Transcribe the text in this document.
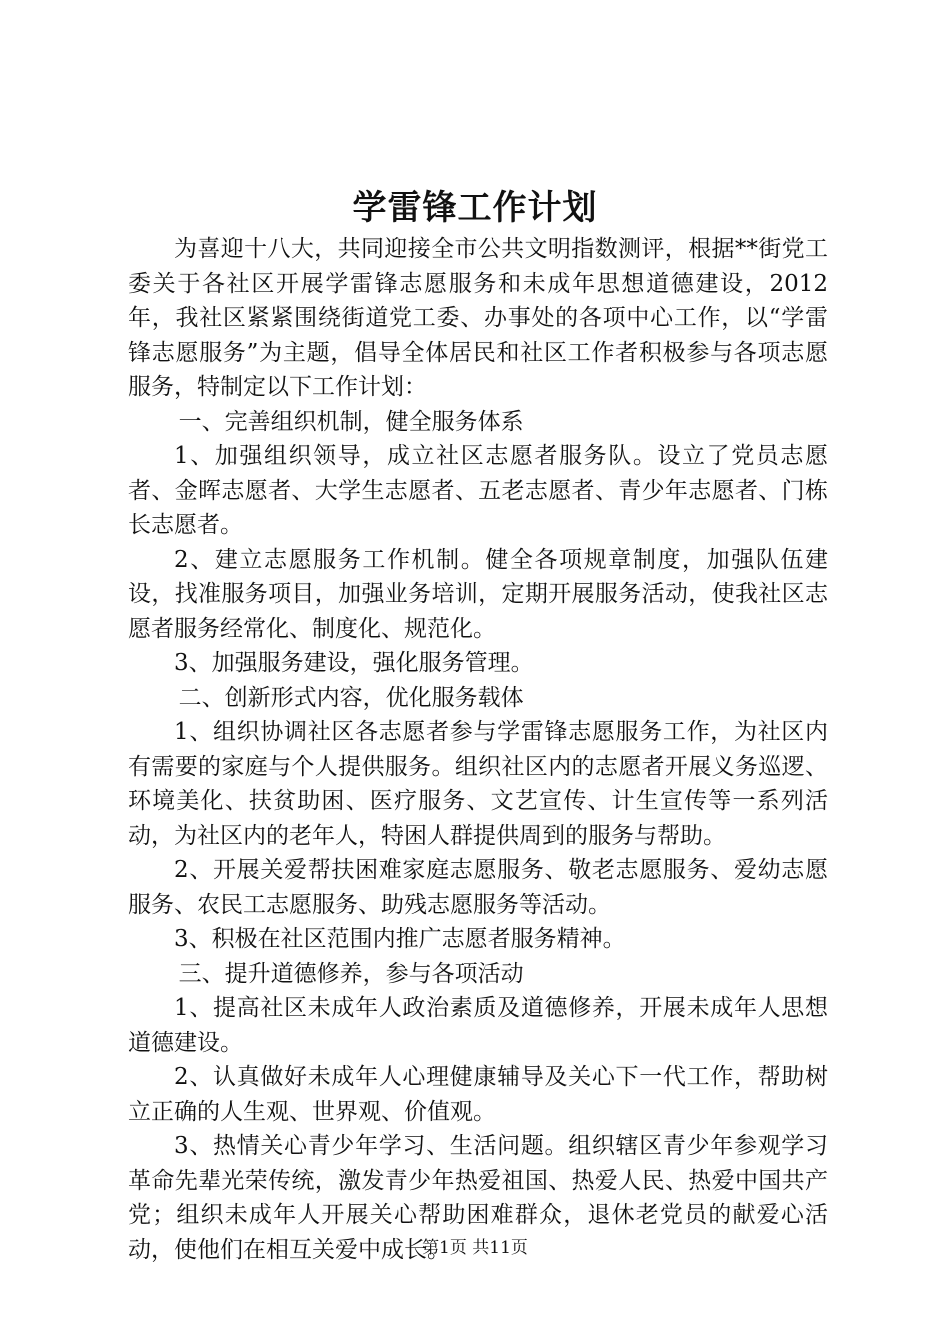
学雷锋工作计划

为喜迎十八大，共同迎接全市公共文明指数测评，根据**街党工委关于各社区开展学雷锋志愿服务和未成年思想道德建设，2012年，我社区紧紧围绕街道党工委、办事处的各项中心工作，以“学雷锋志愿服务”为主题，倡导全体居民和社区工作者积极参与各项志愿服务，特制定以下工作计划：

一、完善组织机制，健全服务体系

1、加强组织领导，成立社区志愿者服务队。设立了党员志愿者、金晖志愿者、大学生志愿者、五老志愿者、青少年志愿者、门栋长志愿者。

2、建立志愿服务工作机制。健全各项规章制度，加强队伍建设，找准服务项目，加强业务培训，定期开展服务活动，使我社区志愿者服务经常化、制度化、规范化。

3、加强服务建设，强化服务管理。

二、创新形式内容，优化服务载体

1、组织协调社区各志愿者参与学雷锋志愿服务工作，为社区内有需要的家庭与个人提供服务。组织社区内的志愿者开展义务巡逻、环境美化、扶贫助困、医疗服务、文艺宣传、计生宣传等一系列活动，为社区内的老年人，特困人群提供周到的服务与帮助。

2、开展关爱帮扶困难家庭志愿服务、敬老志愿服务、爱幼志愿服务、农民工志愿服务、助残志愿服务等活动。

3、积极在社区范围内推广志愿者服务精神。

三、提升道德修养，参与各项活动

1、提高社区未成年人政治素质及道德修养，开展未成年人思想道德建设。

2、认真做好未成年人心理健康辅导及关心下一代工作，帮助树立正确的人生观、世界观、价值观。

3、热情关心青少年学习、生活问题。组织辖区青少年参观学习革命先辈光荣传统，激发青少年热爱祖国、热爱人民、热爱中国共产党；组织未成年人开展关心帮助困难群众，退休老党员的献爱心活动，使他们在相互关爱中成长。

第1页 共11页
